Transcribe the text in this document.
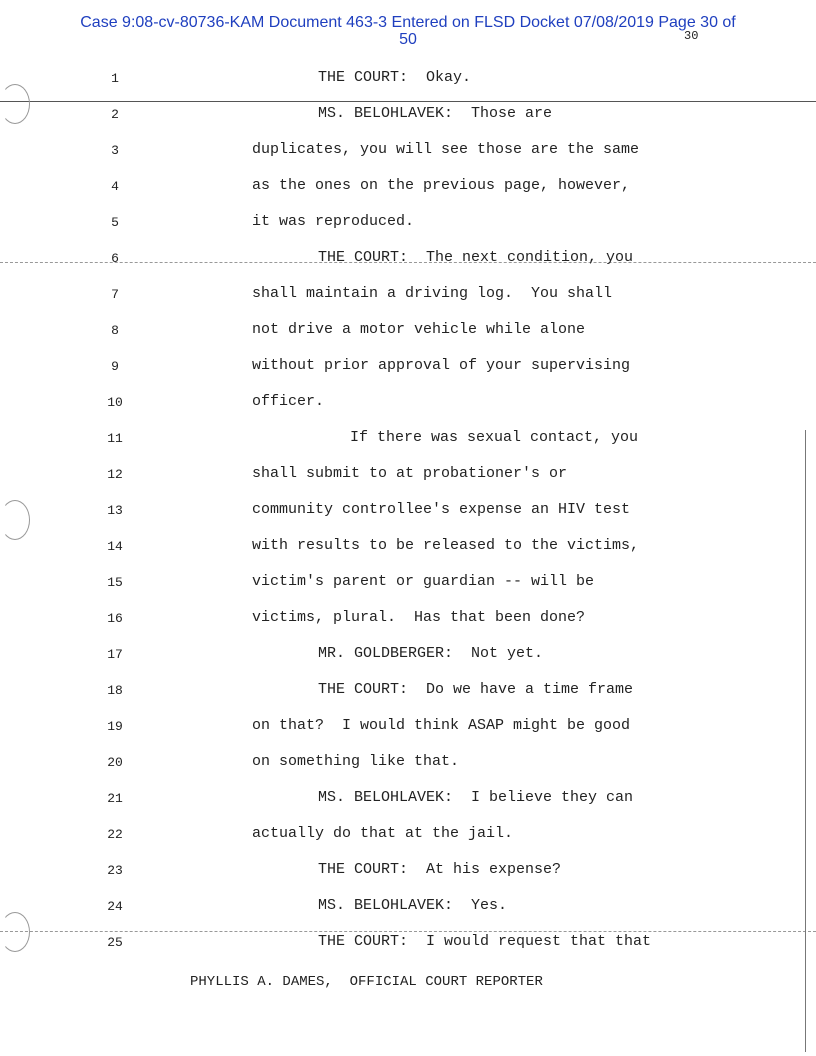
Case 9:08-cv-80736-KAM Document 463-3 Entered on FLSD Docket 07/08/2019 Page 30 of
50	30
1	THE COURT:  Okay.
2	MS. BELOHLAVEK:  Those are
3	duplicates, you will see those are the same
4	as the ones on the previous page, however,
5	it was reproduced.
6	THE COURT:  The next condition, you
7	shall maintain a driving log.  You shall
8	not drive a motor vehicle while alone
9	without prior approval of your supervising
10	officer.
11	If there was sexual contact, you
12	shall submit to at probationer's or
13	community controllee's expense an HIV test
14	with results to be released to the victims,
15	victim's parent or guardian -- will be
16	victims, plural.  Has that been done?
17	MR. GOLDBERGER:  Not yet.
18	THE COURT:  Do we have a time frame
19	on that?  I would think ASAP might be good
20	on something like that.
21	MS. BELOHLAVEK:  I believe they can
22	actually do that at the jail.
23	THE COURT:  At his expense?
24	MS. BELOHLAVEK:  Yes.
25	THE COURT:  I would request that that
PHYLLIS A. DAMES,  OFFICIAL COURT REPORTER
